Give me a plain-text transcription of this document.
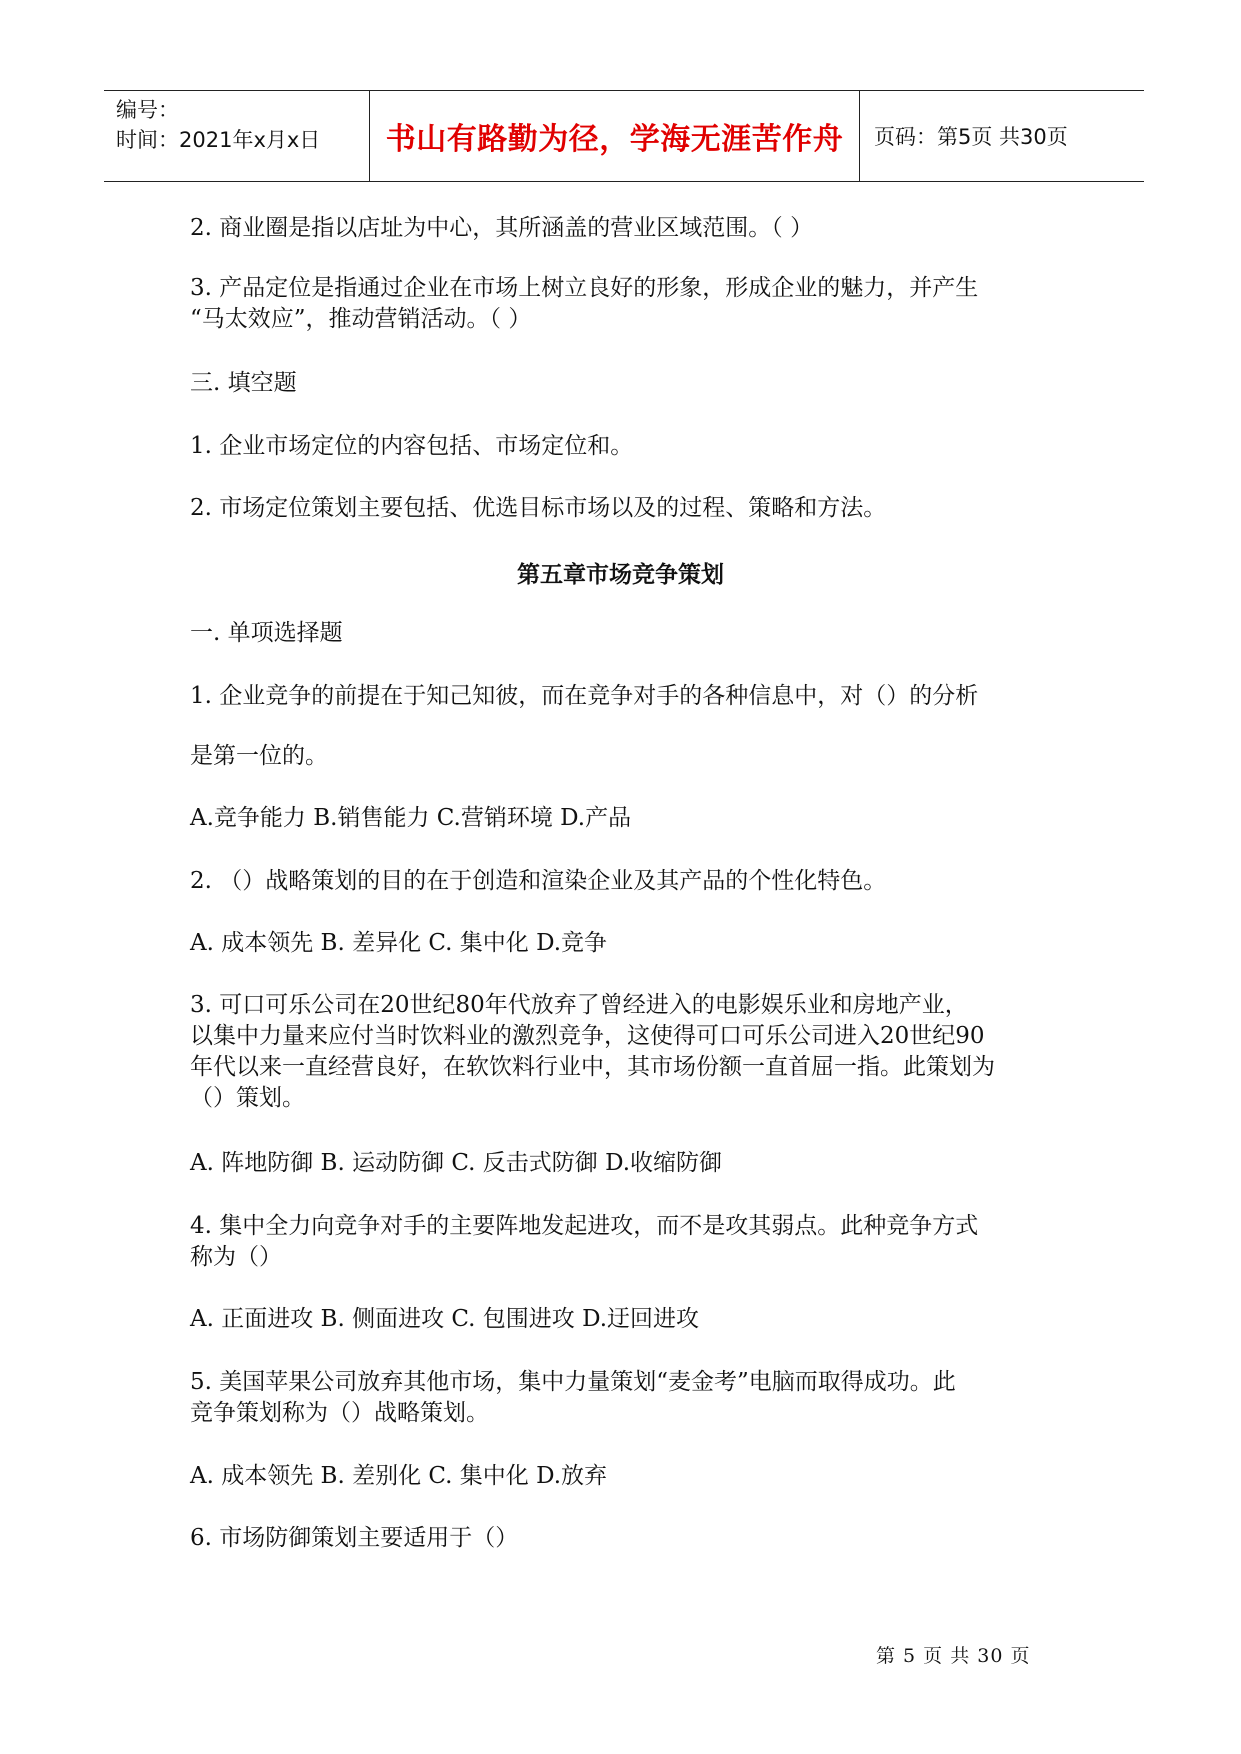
编号：
时间：2021年x月x日	书山有路勤为径，学海无涯苦作舟	页码：第5页 共30页
2. 商业圈是指以店址为中心，其所涵盖的营业区域范围。（ ）
3. 产品定位是指通过企业在市场上树立良好的形象，形成企业的魅力，并产生
“马太效应”，推动营销活动。（ ）
三. 填空题
1. 企业市场定位的内容包括、市场定位和。
2. 市场定位策划主要包括、优选目标市场以及的过程、策略和方法。
第五章市场竞争策划
一. 单项选择题
1. 企业竞争的前提在于知己知彼，而在竞争对手的各种信息中，对（）的分析
是第一位的。
A.竞争能力 B.销售能力 C.营销环境 D.产品
2. （）战略策划的目的在于创造和渲染企业及其产品的个性化特色。
A. 成本领先 B. 差异化 C. 集中化 D.竞争
3. 可口可乐公司在20世纪80年代放弃了曾经进入的电影娱乐业和房地产业，
以集中力量来应付当时饮料业的激烈竞争，这使得可口可乐公司进入20世纪90
年代以来一直经营良好，在软饮料行业中，其市场份额一直首屈一指。此策划为
（）策划。
A. 阵地防御 B. 运动防御 C. 反击式防御 D.收缩防御
4. 集中全力向竞争对手的主要阵地发起进攻，而不是攻其弱点。此种竞争方式
称为（）
A. 正面进攻 B. 侧面进攻 C. 包围进攻 D.迂回进攻
5. 美国苹果公司放弃其他市场，集中力量策划“麦金考”电脑而取得成功。此
竞争策划称为（）战略策划。
A. 成本领先 B. 差别化 C. 集中化 D.放弃
6. 市场防御策划主要适用于（）
第 5 页 共 30 页
